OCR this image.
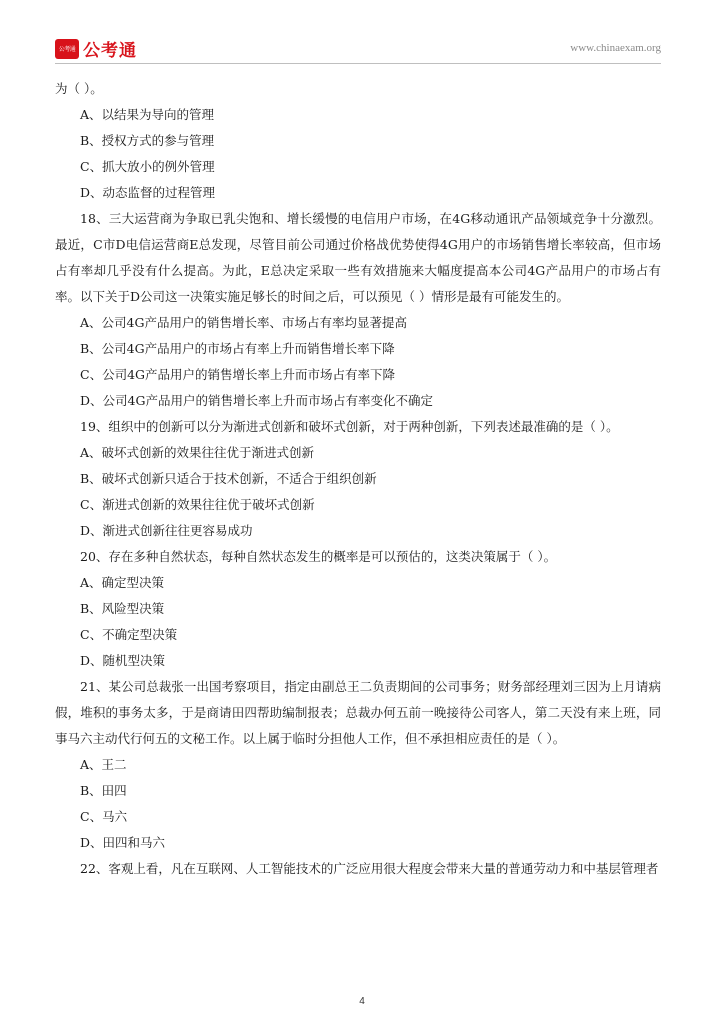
公考通 公考通	www.chinaexam.org

为（ ）。

A、以结果为导向的管理

B、授权方式的参与管理

C、抓大放小的例外管理

D、动态监督的过程管理

18、三大运营商为争取已乳尖饱和、增长缓慢的电信用户市场，在4G移动通讯产品领域竞争十分激烈。最近，C市D电信运营商E总发现，尽管目前公司通过价格战优势使得4G用户的市场销售增长率较高，但市场占有率却几乎没有什么提高。为此，E总决定采取一些有效措施来大幅度提高本公司4G产品用户的市场占有率。以下关于D公司这一决策实施足够长的时间之后，可以预见（ ）情形是最有可能发生的。

A、公司4G产品用户的销售增长率、市场占有率均显著提高

B、公司4G产品用户的市场占有率上升而销售增长率下降

C、公司4G产品用户的销售增长率上升而市场占有率下降

D、公司4G产品用户的销售增长率上升而市场占有率变化不确定

19、组织中的创新可以分为渐进式创新和破坏式创新，对于两种创新，下列表述最准确的是（ ）。

A、破坏式创新的效果往往优于渐进式创新

B、破坏式创新只适合于技术创新，不适合于组织创新

C、渐进式创新的效果往往优于破坏式创新

D、渐进式创新往往更容易成功

20、存在多种自然状态，每种自然状态发生的概率是可以预估的，这类决策属于（ ）。

A、确定型决策

B、风险型决策

C、不确定型决策

D、随机型决策

21、某公司总裁张一出国考察项目，指定由副总王二负责期间的公司事务；财务部经理刘三因为上月请病假，堆积的事务太多，于是商请田四帮助编制报表；总裁办何五前一晚接待公司客人，第二天没有来上班，同事马六主动代行何五的文秘工作。以上属于临时分担他人工作，但不承担相应责任的是（ ）。

A、王二

B、田四

C、马六

D、田四和马六

22、客观上看，凡在互联网、人工智能技术的广泛应用很大程度会带来大量的普通劳动力和中基层管理者

4
